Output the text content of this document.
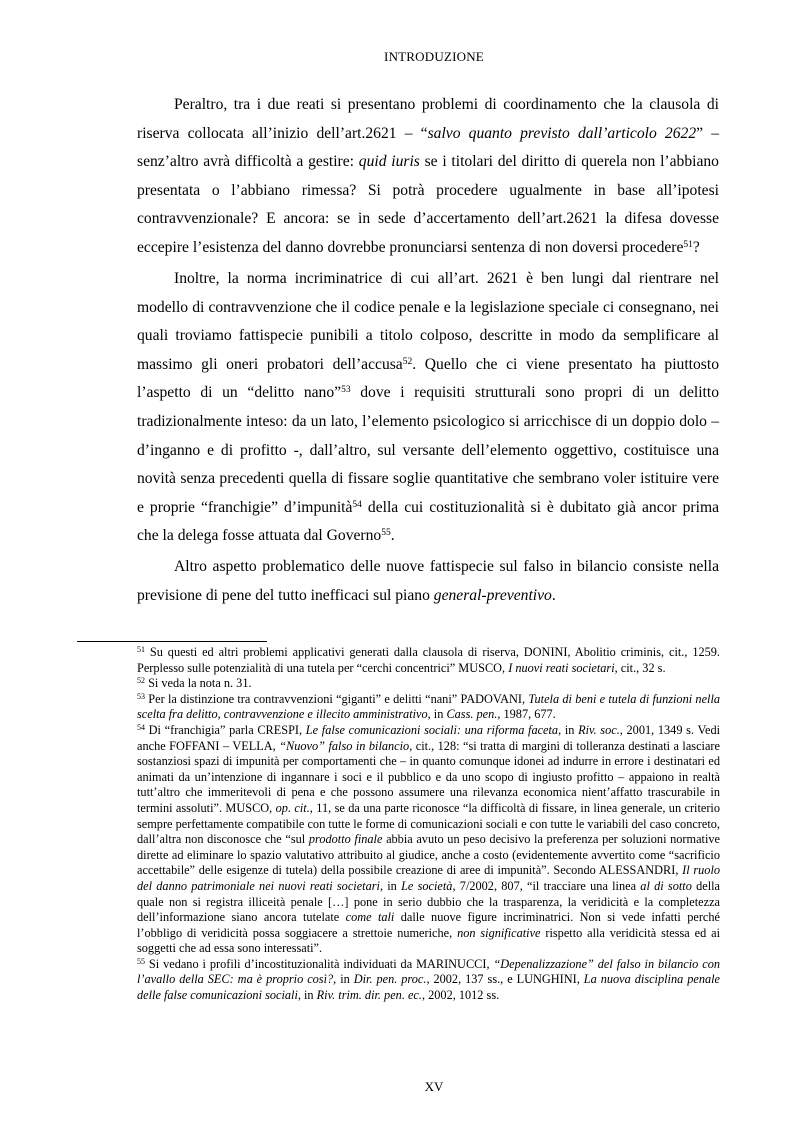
INTRODUZIONE

Peraltro, tra i due reati si presentano problemi di coordinamento che la clausola di riserva collocata all’inizio dell’art.2621 – “salvo quanto previsto dall’articolo 2622” – senz’altro avrà difficoltà a gestire: quid iuris se i titolari del diritto di querela non l’abbiano presentata o l’abbiano rimessa? Si potrà procedere ugualmente in base all’ipotesi contravvenzionale? E ancora: se in sede d’accertamento dell’art.2621 la difesa dovesse eccepire l’esistenza del danno dovrebbe pronunciarsi sentenza di non doversi procedere$^{51}$?

Inoltre, la norma incriminatrice di cui all’art. 2621 è ben lungi dal rientrare nel modello di contravvenzione che il codice penale e la legislazione speciale ci consegnano, nei quali troviamo fattispecie punibili a titolo colposo, descritte in modo da semplificare al massimo gli oneri probatori dell’accusa$^{52}$. Quello che ci viene presentato ha piuttosto l’aspetto di un “delitto nano”$^{53}$ dove i requisiti strutturali sono propri di un delitto tradizionalmente inteso: da un lato, l’elemento psicologico si arricchisce di un doppio dolo – d’inganno e di profitto -, dall’altro, sul versante dell’elemento oggettivo, costituisce una novità senza precedenti quella di fissare soglie quantitative che sembrano voler istituire vere e proprie “franchigie” d’impunità$^{54}$ della cui costituzionalità si è dubitato già ancor prima che la delega fosse attuata dal Governo$^{55}$.

Altro aspetto problematico delle nuove fattispecie sul falso in bilancio consiste nella previsione di pene del tutto inefficaci sul piano general-preventivo.

$^{51}$ Su questi ed altri problemi applicativi generati dalla clausola di riserva, DONINI, Abolitio criminis, cit., 1259. Perplesso sulle potenzialità di una tutela per “cerchi concentrici” MUSCO, I nuovi reati societari, cit., 32 s.

$^{52}$ Si veda la nota n. 31.

$^{53}$ Per la distinzione tra contravvenzioni “giganti” e delitti “nani” PADOVANI, Tutela di beni e tutela di funzioni nella scelta fra delitto, contravvenzione e illecito amministrativo, in Cass. pen., 1987, 677.

$^{54}$ Di “franchigia” parla CRESPI, Le false comunicazioni sociali: una riforma faceta, in Riv. soc., 2001, 1349 s. Vedi anche FOFFANI – VELLA, “Nuovo” falso in bilancio, cit., 128: “si tratta di margini di tolleranza destinati a lasciare sostanziosi spazi di impunità per comportamenti che – in quanto comunque idonei ad indurre in errore i destinatari ed animati da un’intenzione di ingannare i soci e il pubblico e da uno scopo di ingiusto profitto – appaiono in realtà tutt’altro che immeritevoli di pena e che possono assumere una rilevanza economica nient’affatto trascurabile in termini assoluti”. MUSCO, op. cit., 11, se da una parte riconosce “la difficoltà di fissare, in linea generale, un criterio sempre perfettamente compatibile con tutte le forme di comunicazioni sociali e con tutte le variabili del caso concreto, dall’altra non disconosce che “sul prodotto finale abbia avuto un peso decisivo la preferenza per soluzioni normative dirette ad eliminare lo spazio valutativo attribuito al giudice, anche a costo (evidentemente avvertito come “sacrificio accettabile” delle esigenze di tutela) della possibile creazione di aree di impunità”. Secondo ALESSANDRI, Il ruolo del danno patrimoniale nei nuovi reati societari, in Le società, 7/2002, 807, “il tracciare una linea al di sotto della quale non si registra illiceità penale […] pone in serio dubbio che la trasparenza, la veridicità e la completezza dell’informazione siano ancora tutelate come tali dalle nuove figure incriminatrici. Non si vede infatti perché l’obbligo di veridicità possa soggiacere a strettoie numeriche, non significative rispetto alla veridicità stessa ed ai soggetti che ad essa sono interessati”.

$^{55}$ Si vedano i profili d’incostituzionalità individuati da MARINUCCI, “Depenalizzazione” del falso in bilancio con l’avallo della SEC: ma è proprio così?, in Dir. pen. proc., 2002, 137 ss., e LUNGHINI, La nuova disciplina penale delle false comunicazioni sociali, in Riv. trim. dir. pen. ec., 2002, 1012 ss.

XV
